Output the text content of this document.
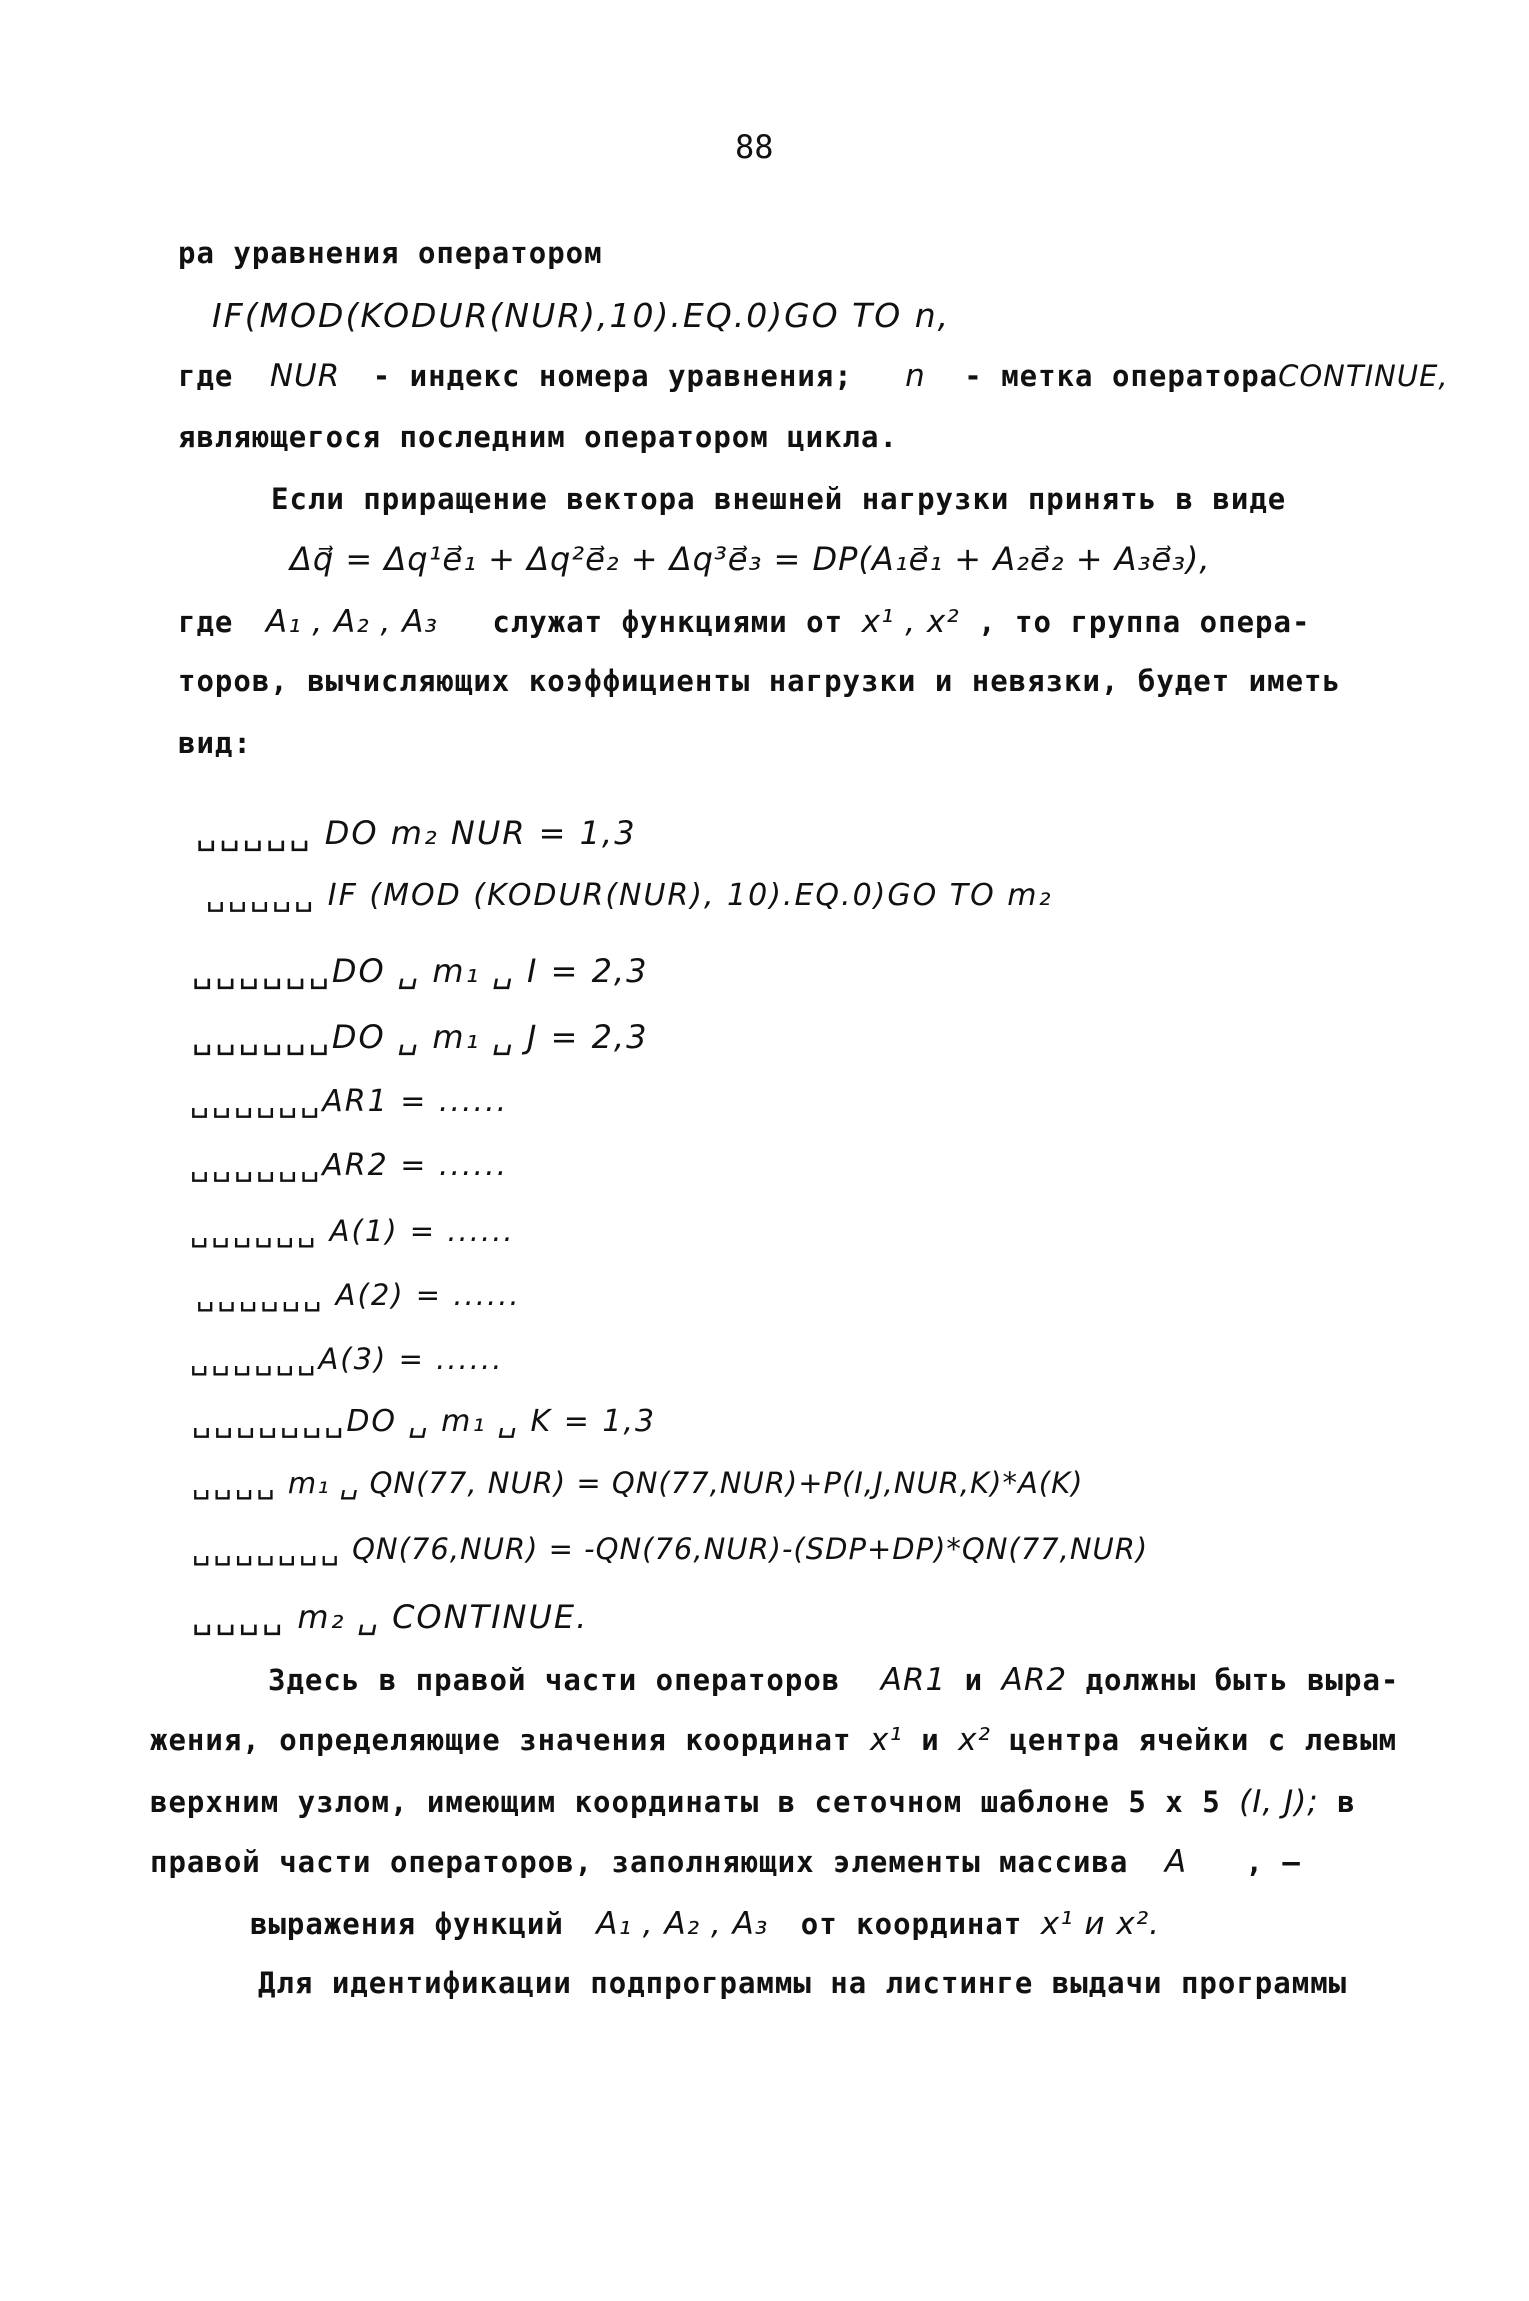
88
ра уравнения оператором
IF(MOD(KODUR(NUR),10).EQ.0)GO TO n,
где NUR - индекс номера уравнения; n - метка оператораCONTINUE,
являющегося последним оператором цикла.
Если приращение вектора внешней нагрузки принять в виде
Δq⃗ = Δq¹e⃗₁ + Δq²e⃗₂ + Δq³e⃗₃ = DP(A₁e⃗₁ + A₂e⃗₂ + A₃e⃗₃),
где A₁ , A₂ , A₃ служат функциями от x¹ , x² , то группа опера-
торов, вычисляющих коэффициенты нагрузки и невязки, будет иметь
вид:
␣␣␣␣␣ DO m₂ NUR = 1,3
␣␣␣␣␣ IF (MOD (KODUR(NUR), 10).EQ.0)GO TO m₂
␣␣␣␣␣␣DO ␣ m₁ ␣ I = 2,3
␣␣␣␣␣␣DO ␣ m₁ ␣ J = 2,3
␣␣␣␣␣␣AR1 = ......
␣␣␣␣␣␣AR2 = ......
␣␣␣␣␣␣ A(1) = ......
␣␣␣␣␣␣ A(2) = ......
␣␣␣␣␣␣A(3) = ......
␣␣␣␣␣␣␣DO ␣ m₁ ␣ K = 1,3
␣␣␣␣ m₁ ␣ QN(77, NUR) = QN(77,NUR)+P(I,J,NUR,K)*A(K)
␣␣␣␣␣␣␣ QN(76,NUR) = -QN(76,NUR)-(SDP+DP)*QN(77,NUR)
␣␣␣␣ m₂ ␣ CONTINUE.
Здесь в правой части операторов AR1 и AR2 должны быть выра-
жения, определяющие значения координат x¹ и x² центра ячейки с левым
верхним узлом, имеющим координаты в сеточном шаблоне 5 x 5 (I, J); в
правой части операторов, заполняющих элементы массива A , —
выражения функций A₁ , A₂ , A₃ от координат x¹ и x².
Для идентификации подпрограммы на листинге выдачи программы
